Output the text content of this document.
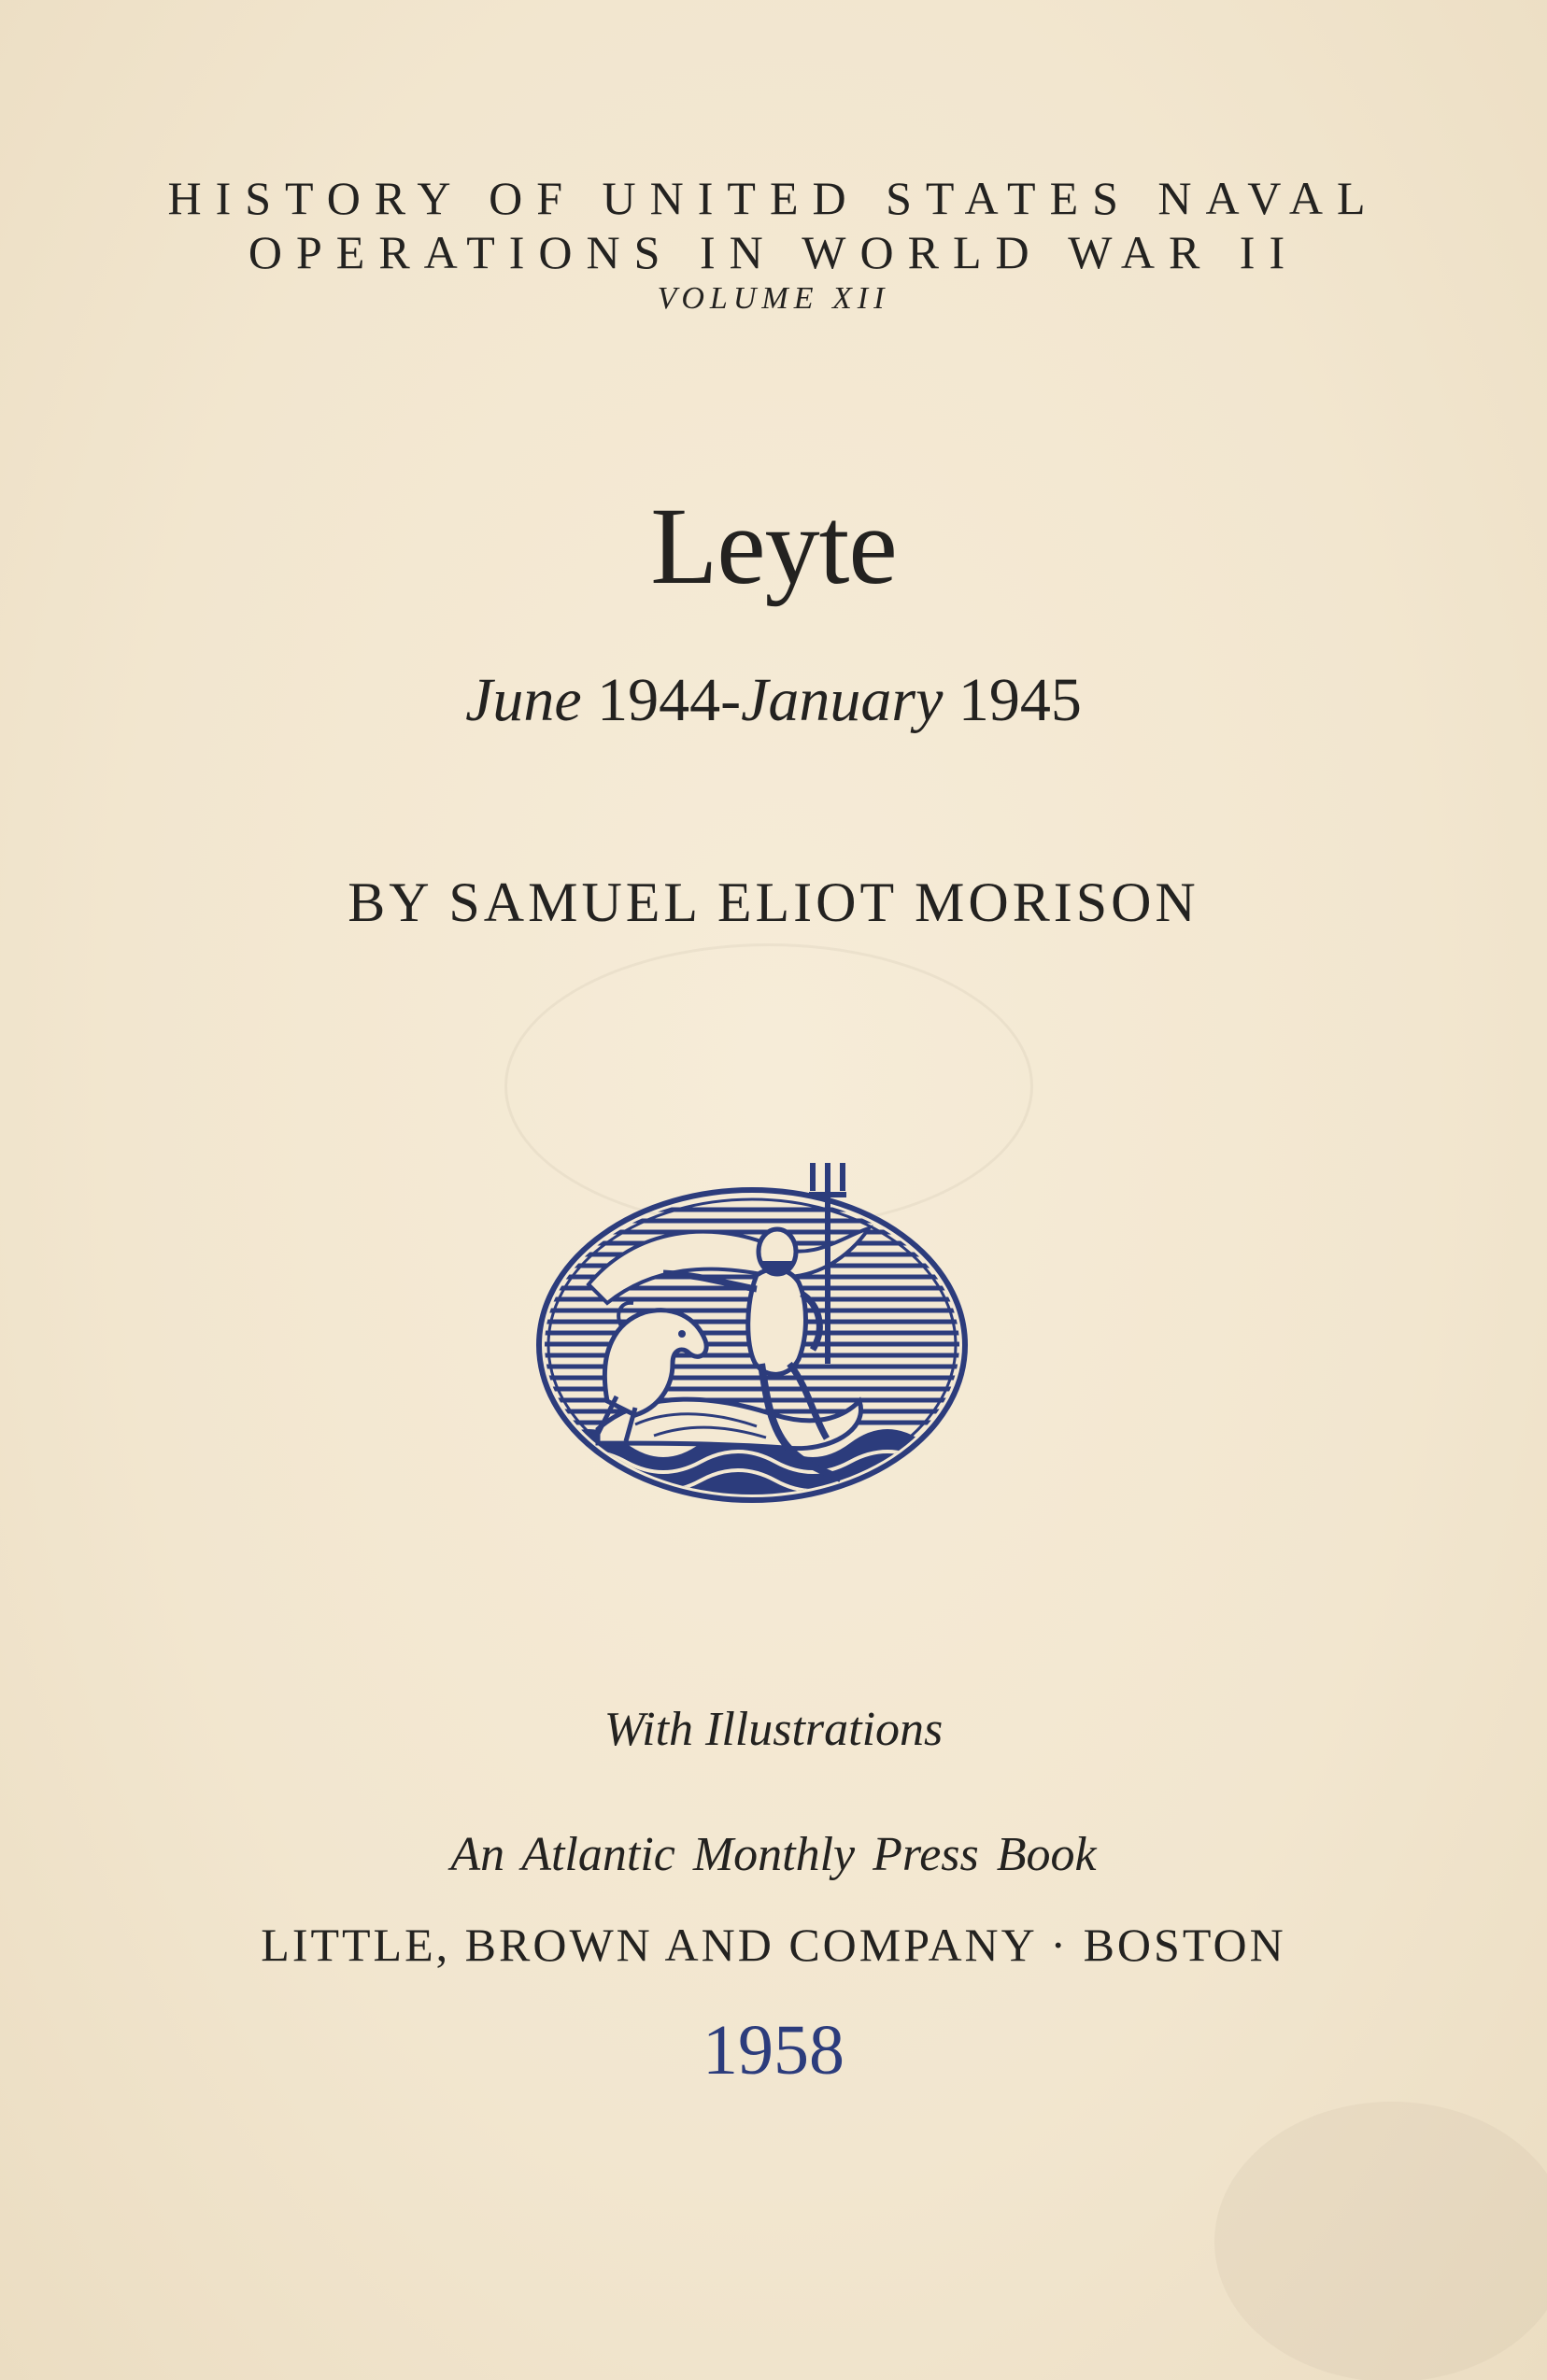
HISTORY OF UNITED STATES NAVAL
OPERATIONS IN WORLD WAR II
VOLUME XII
Leyte
June 1944-January 1945
BY SAMUEL ELIOT MORISON
With Illustrations
An Atlantic Monthly Press Book
LITTLE, BROWN AND COMPANY · BOSTON
1958
